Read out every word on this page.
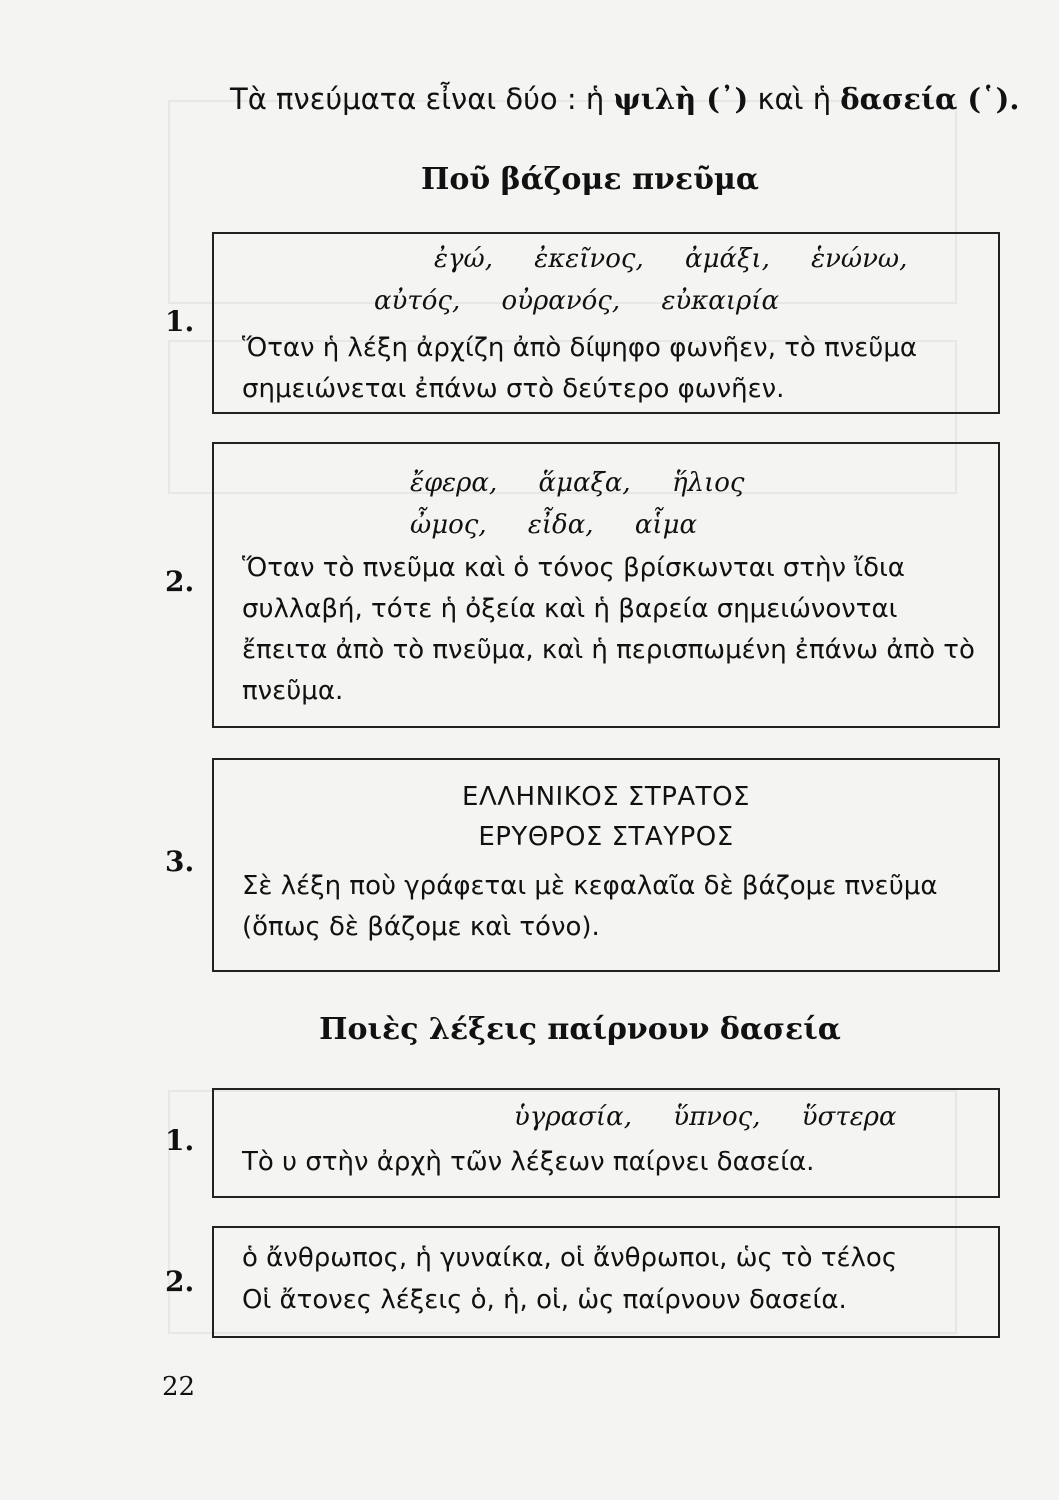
Τὰ πνεύματα εἶναι δύο : ἡ ψιλὴ (᾿) καὶ ἡ δασεία (῾).
Ποῦ βάζομε πνεῦμα
1.
ἐγώ,     ἐκεῖνος,     ἀμάξι,     ἑνώνω,
αὐτός,     οὐρανός,     εὐκαιρία
Ὅταν ἡ λέξη ἀρχίζη ἀπὸ δίψηφο φωνῆεν, τὸ πνεῦμα σημειώνεται ἐπάνω στὸ δεύτερο φωνῆεν.
2.
ἔφερα,     ἅμαξα,     ἥλιος
ὦμος,     εἶδα,     αἷμα
Ὅταν τὸ πνεῦμα καὶ ὁ τόνος βρίσκωνται στὴν ἴδια συλλαβή, τότε ἡ ὀξεία καὶ ἡ βαρεία σημειώνονται ἔπειτα ἀπὸ τὸ πνεῦμα, καὶ ἡ περισπωμένη ἐπάνω ἀπὸ τὸ πνεῦμα.
3.
ΕΛΛΗΝΙΚΟΣ ΣΤΡΑΤΟΣ
ΕΡΥΘΡΟΣ ΣΤΑΥΡΟΣ
Σὲ λέξη ποὺ γράφεται μὲ κεφαλαῖα δὲ βάζομε πνεῦμα (ὅπως δὲ βάζομε καὶ τόνο).
Ποιὲς λέξεις παίρνουν δασεία
1.
ὑγρασία,     ὕπνος,     ὕστερα
Τὸ υ στὴν ἀρχὴ τῶν λέξεων παίρνει δασεία.
2.
ὁ ἄνθρωπος, ἡ γυναίκα, οἱ ἄνθρωποι, ὡς τὸ τέλος
Οἱ ἄτονες λέξεις ὁ, ἡ, οἱ, ὡς παίρνουν δασεία.
22
